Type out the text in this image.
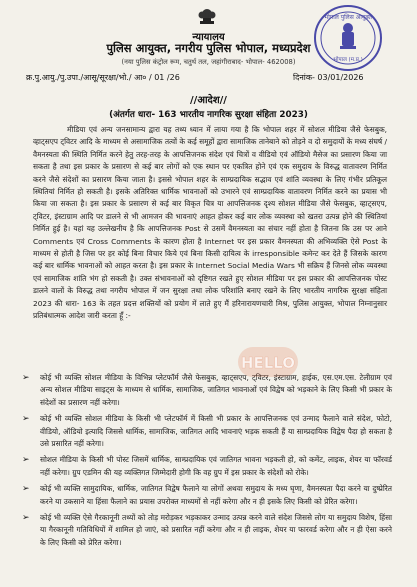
भोपाल पुलिस आयुक्त
भोपाल (म.प्र.)
न्यायालय
पुलिस आयुक्त, नगरीय पुलिस भोपाल, मध्यप्रदेश
(नया पुलिस कंट्रोल रूम, चतुर्थ तल, जहांगीराबाद- भोपाल- 462008)
क्र.पु.आयु./पु.उपा./आसू/सूरक्षा/भो./ आ० / 01 /26	दिनांक- 03/01/2026
//आदेश//
(अंतर्गत धारा- 163 भारतीय नागरिक सुरक्षा संहिता 2023)

मीडिया एवं अन्य जनसामान्य द्वारा यह तथ्य ध्यान में लाया गया है कि भोपाल शहर में सोशल मीडिया जैसे फेसबुक, व्हाट्सएप ट्विटर आदि के माध्यम से असामाजिक तत्वों के कई समूहों द्वारा सामाजिक तानेबाने को तोड़ने व दो समुदायों के मध्य संघर्ष / वैमनस्यता की स्थिति निर्मित करने हेतु तरह-तरह के आपत्तिजनक संदेश एवं चित्रों व वीडियो एवं ऑडियो मैसेज का प्रसारण किया जा सकता है तथा इस प्रकार के प्रसारण से कई बार लोगों को एक स्थान पर एकत्रित होने एवं एक समुदाय के विरुद्ध वातावरण निर्मित करने जैसे संदेशों का प्रसारण किया जाता है। इससे भोपाल शहर के साम्प्रदायिक सद्भाव एवं शांति व्यवस्था के लिए गंभीर प्रतिकूल स्थितियां निर्मित हो सकती है। इसके अतिरिक्त धार्मिक भावनाओं को उभारने एवं साम्प्रदायिक वातावरण निर्मित करने का प्रयास भी किया जा सकता है। इस प्रकार के प्रसारण से कई बार विकृत चित्र या आपत्तिजनक दृश्य सोशल मीडिया जैसे फेसबुक, व्हाट्सएप, ट्विटर, इंस्टाग्राम आदि पर डालने से भी आमजन की भावनाएं आहत होकर कई बार लोक व्यवस्था को खतरा उत्पन्न होने की स्थितियां निर्मित हुई है। यहां यह उल्लेखनीय है कि आपत्तिजनक Post से उसमें वैमनस्यता का संचार नहीं होता है जितना कि उस पर आने Comments एवं Cross Comments के कारण होता है Internet पर इस प्रकार वैमनस्यता की अभिव्यक्ति ऐसे Post के माध्यम से होती है जिस पर हर कोई बिना विचार किये एवं बिना किसी दायित्व के irresponsible कमेन्ट कर देते हैं जिसके कारण कई बार धार्मिक भावनाओं को आहत करता है। इस प्रकार के Internet Social Media Wars भी सक्रिय हैं जिनसे लोक व्यवस्था एवं सामाजिक शांति भंग हो सकती है। उक्त संभावनाओं को दृष्टिगत रखते हुए सोशल मीडिया पर इस प्रकार की आपत्तिजनक पोस्ट डालने वालों के विरुद्ध तथा नगरीय भोपाल में जन सुरक्षा तथा लोक परिशांति बनाए रखने के लिए भारतीय नागरिक सुरक्षा संहिता 2023 की धारा- 163 के तहत प्रदत्त शक्तियों को प्रयोग में लाते हुए मैं हरिनारायणचारी मिश्र, पुलिस आयुक्त, भोपाल निम्नानुसार प्रतिबंधात्मक आदेश जारी करता हूँ :-

➢ कोई भी व्यक्ति सोशल मीडिया के विभिन्न प्लेटफॉर्म जैसे फेसबुक, व्हाट्सएप, ट्विटर, इंस्टाग्राम, हाईक, एस.एम.एस. टेलीग्राम एवं अन्य सोशल मीडिया साइट्स के माध्यम से धार्मिक, सामाजिक, जातिगत भावनाओं एवं विद्वेष को भड़काने के लिए किसी भी प्रकार के संदेशों का प्रसारण नहीं करेगा।
➢ कोई भी व्यक्ति सोशल मीडिया के किसी भी प्लेटफॉर्म में किसी भी प्रकार के आपत्तिजनक एवं उन्माद फैलाने वाले संदेश, फोटो, वीडियो, ऑडियो इत्यादि जिससे धार्मिक, सामाजिक, जातिगत आदि भावनाएं भड़क सकती हैं या साम्प्रदायिक विद्वेष पैदा हो सकता है उसे प्रसारित नहीं करेगा।
➢ सोशल मीडिया के किसी भी पोस्ट जिसमें धार्मिक, साम्प्रदायिक एवं जातिगत भावना भड़कती हो, को कमेंट, लाइक, शेयर या फॉरवर्ड नहीं करेगा। ग्रुप एडमिन की यह व्यक्तिगत जिम्मेदारी होगी कि वह ग्रुप में इस प्रकार के संदेशों को रोके।
➢ कोई भी व्यक्ति सामुदायिक, धार्मिक, जातिगत विद्वेष फैलाने या लोगों अथवा समुदाय के मध्य घृणा, वैमनस्यता पैदा करने या दुष्प्रेरित करने या उकसाने या हिंसा फैलाने का प्रयास उपरोक्त माध्यमों से नहीं करेगा और न ही इसके लिए किसी को प्रेरित करेगा।
➢ कोई भी व्यक्ति ऐसे गैरकानूनी तथ्यों को तोड़ मरोड़कर भड़काकर उन्माद उत्पन्न करने वाले संदेश जिससे लोग या समुदाय विशेष, हिंसा या गैरकानूनी गतिविधियों में शामिल हो जाएं, को प्रसारित नहीं करेगा और न ही लाइक, शेयर या फारवर्ड करेगा और न ही ऐसा करने के लिए किसी को प्रेरित करेगा।
HELLO
